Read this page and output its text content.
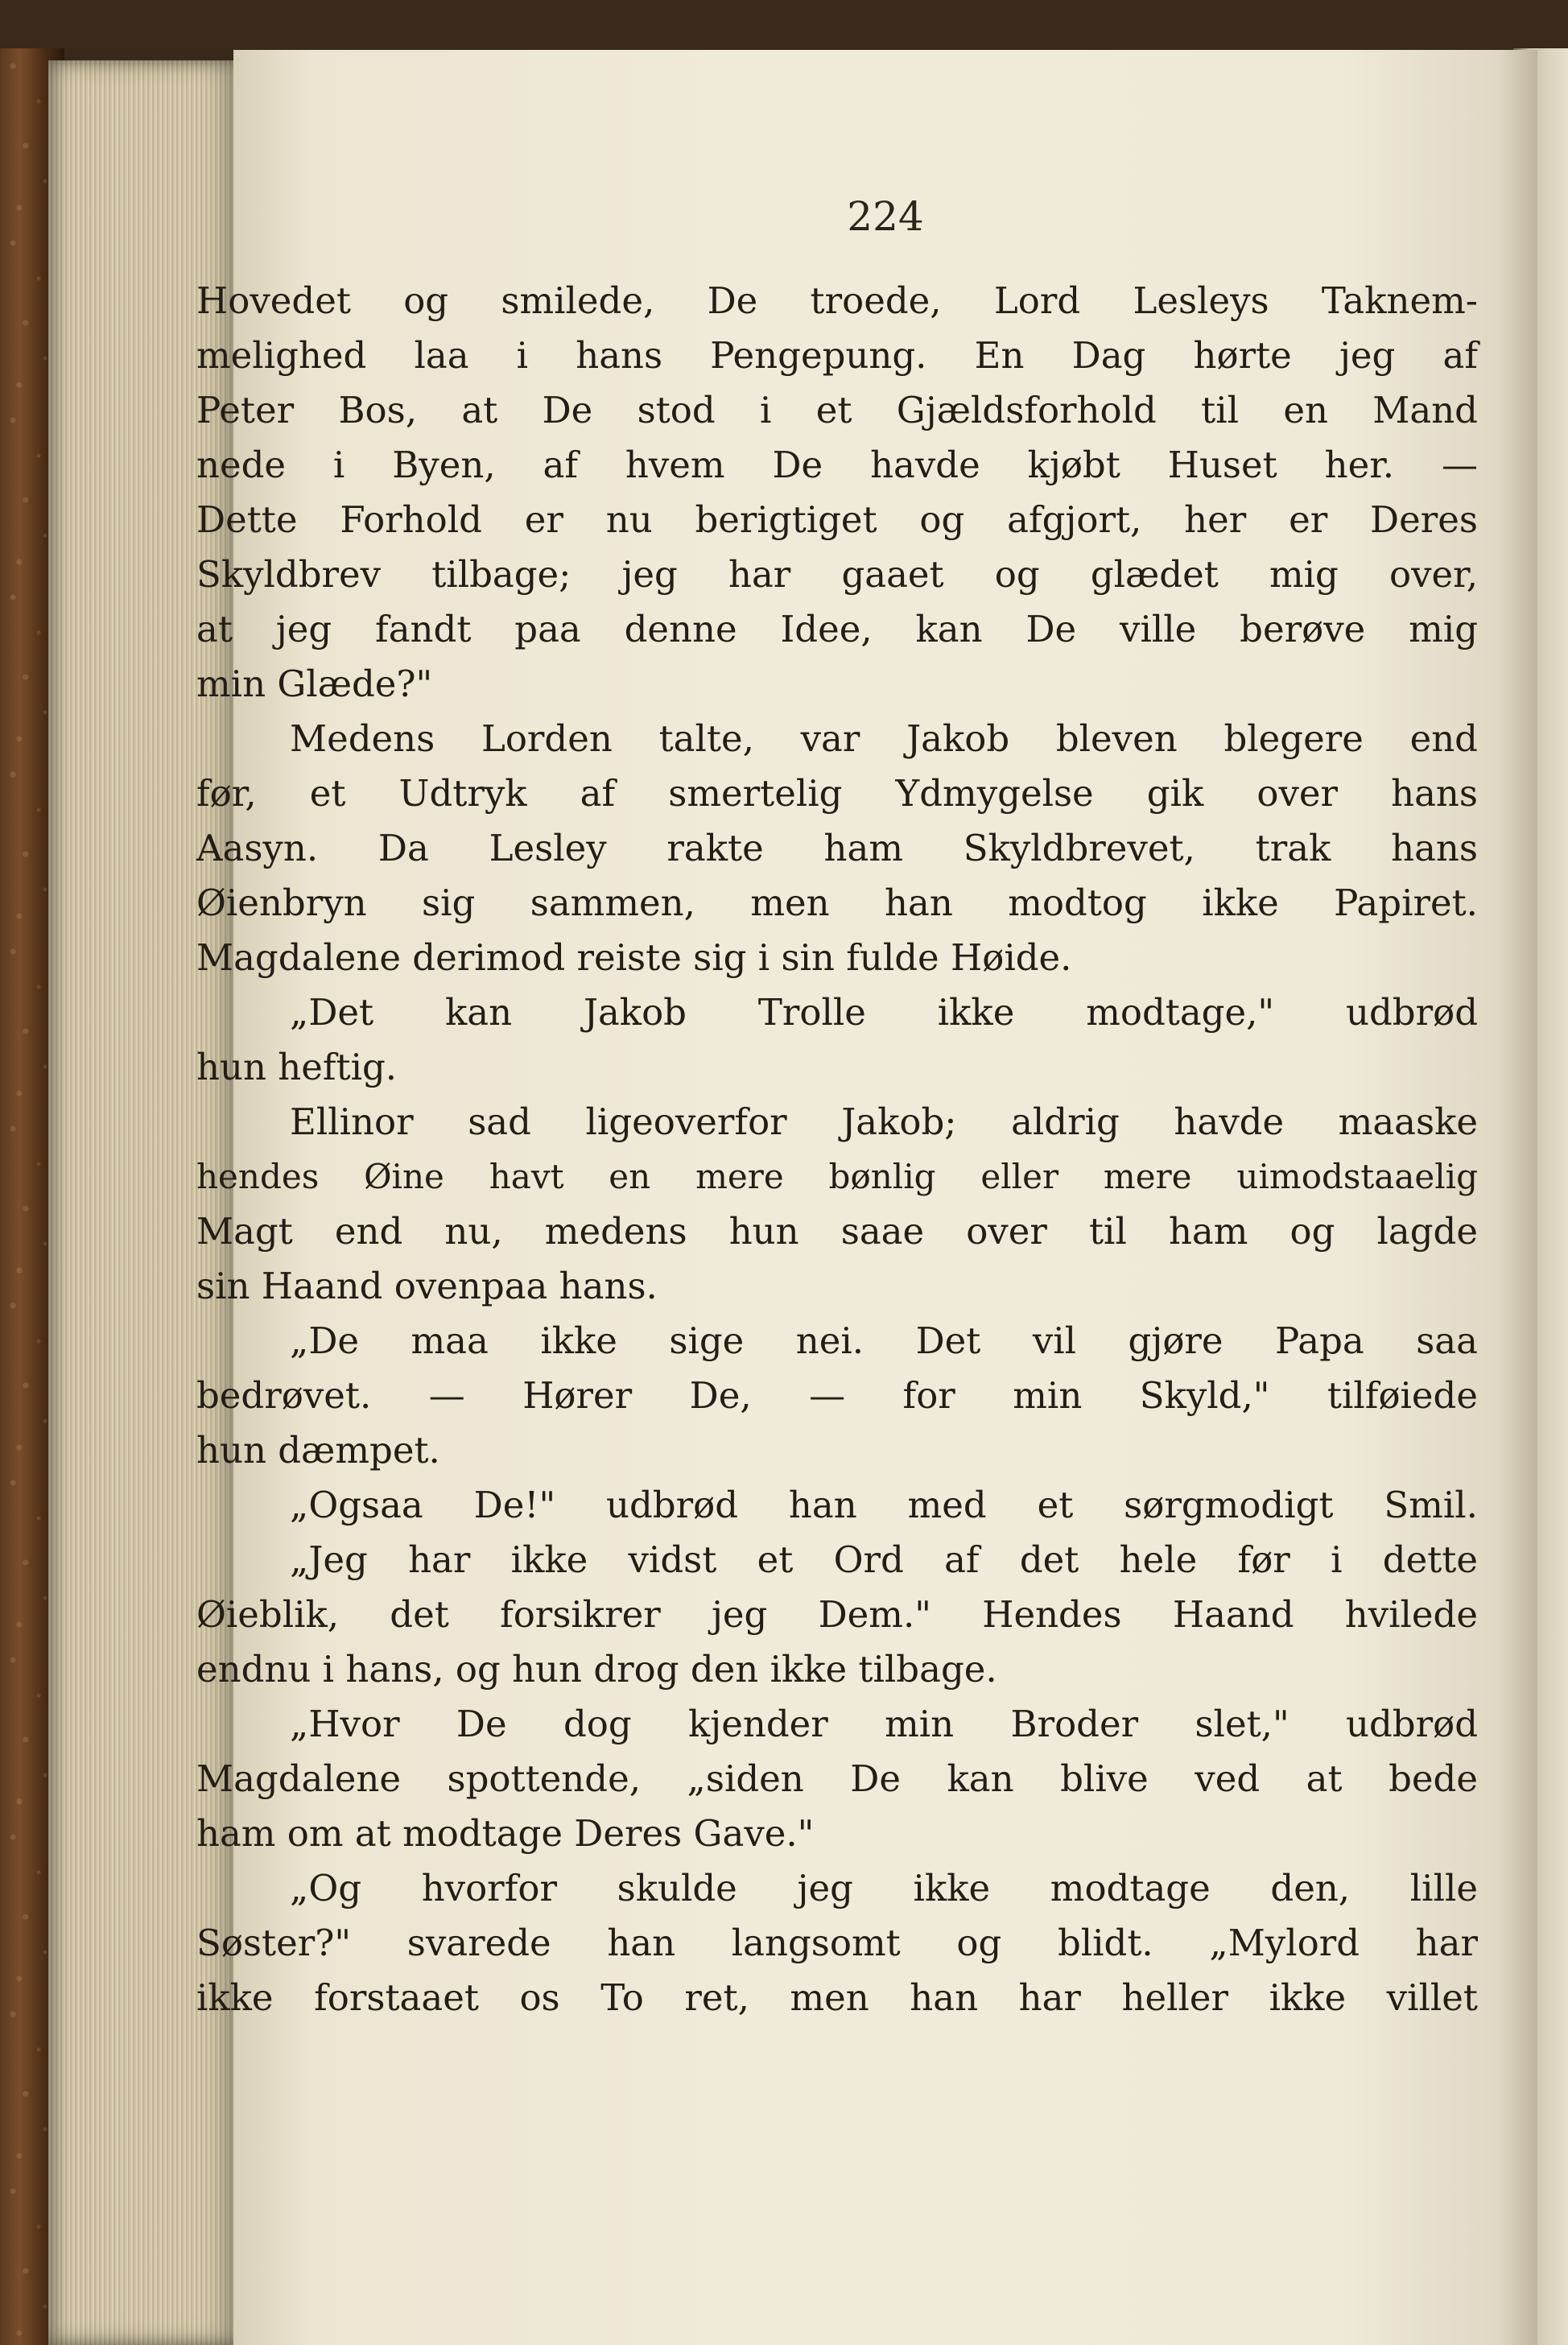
224
Hovedet og smilede, De troede, Lord Lesleys Taknem-
melighed laa i hans Pengepung. En Dag hørte jeg af
Peter Bos, at De stod i et Gjældsforhold til en Mand
nede i Byen, af hvem De havde kjøbt Huset her. —
Dette Forhold er nu berigtiget og afgjort, her er Deres
Skyldbrev tilbage; jeg har gaaet og glædet mig over,
at jeg fandt paa denne Idee, kan De ville berøve mig
min Glæde?"
Medens Lorden talte, var Jakob bleven blegere end
før, et Udtryk af smertelig Ydmygelse gik over hans
Aasyn. Da Lesley rakte ham Skyldbrevet, trak hans
Øienbryn sig sammen, men han modtog ikke Papiret.
Magdalene derimod reiste sig i sin fulde Høide.
„Det kan Jakob Trolle ikke modtage," udbrød
hun heftig.
Ellinor sad ligeoverfor Jakob; aldrig havde maaske
hendes Øine havt en mere bønlig eller mere uimodstaaelig
Magt end nu, medens hun saae over til ham og lagde
sin Haand ovenpaa hans.
„De maa ikke sige nei. Det vil gjøre Papa saa
bedrøvet. — Hører De, — for min Skyld," tilføiede
hun dæmpet.
„Ogsaa De!" udbrød han med et sørgmodigt Smil.
„Jeg har ikke vidst et Ord af det hele før i dette
Øieblik, det forsikrer jeg Dem." Hendes Haand hvilede
endnu i hans, og hun drog den ikke tilbage.
„Hvor De dog kjender min Broder slet," udbrød
Magdalene spottende, „siden De kan blive ved at bede
ham om at modtage Deres Gave."
„Og hvorfor skulde jeg ikke modtage den, lille
Søster?" svarede han langsomt og blidt. „Mylord har
ikke forstaaet os To ret, men han har heller ikke villet
